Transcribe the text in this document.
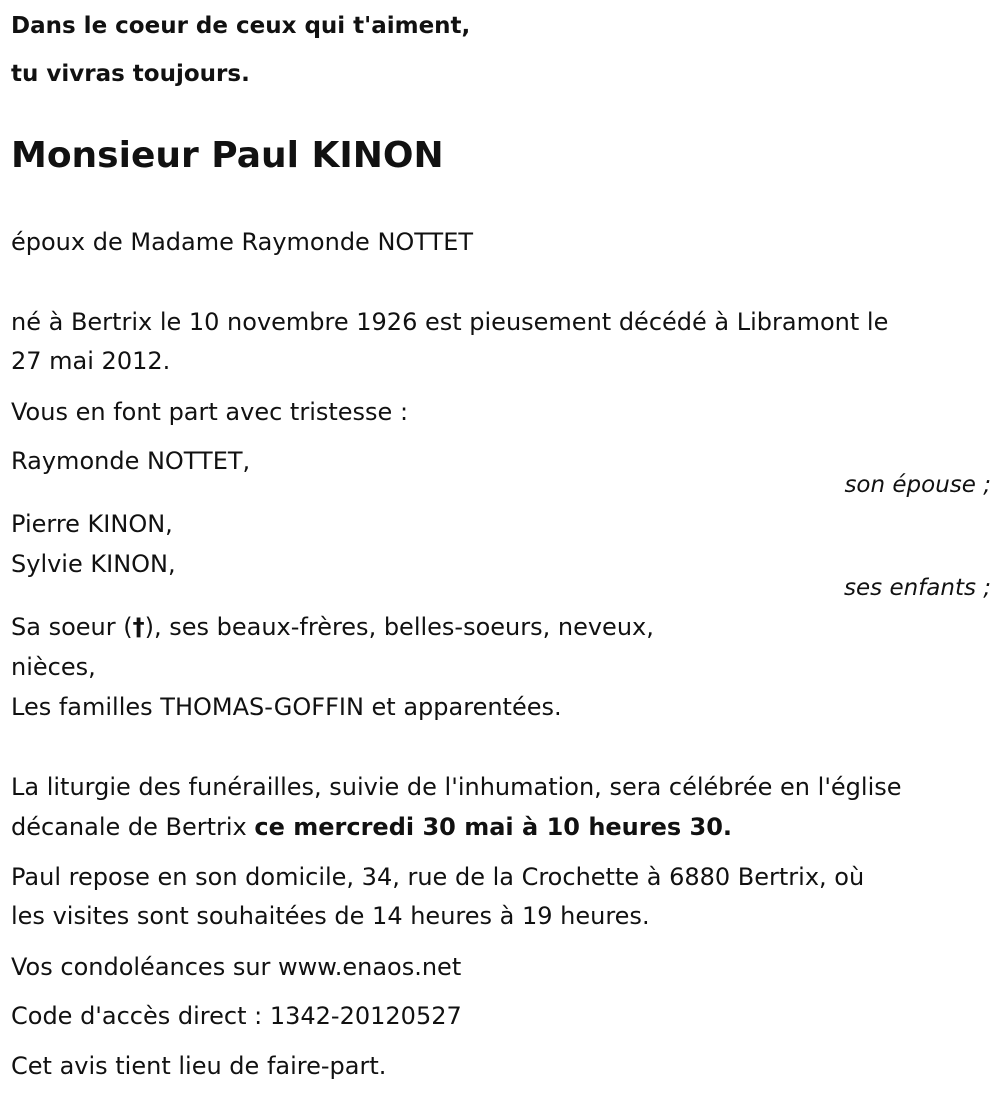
Dans le coeur de ceux qui t'aiment,
tu vivras toujours.
Monsieur Paul KINON
époux de Madame Raymonde NOTTET
né à Bertrix le 10 novembre 1926 est pieusement décédé à Libramont le
27 mai 2012.
Vous en font part avec tristesse :
Raymonde NOTTET,
son épouse ;
Pierre KINON,
Sylvie KINON,
ses enfants ;
Sa soeur (†), ses beaux-frères, belles-soeurs, neveux,
nièces,
Les familles THOMAS-GOFFIN et apparentées.
La liturgie des funérailles, suivie de l'inhumation, sera célébrée en l'église
décanale de Bertrix ce mercredi 30 mai à 10 heures 30.
Paul repose en son domicile, 34, rue de la Crochette à 6880 Bertrix, où
les visites sont souhaitées de 14 heures à 19 heures.
Vos condoléances sur www.enaos.net
Code d'accès direct : 1342-20120527
Cet avis tient lieu de faire-part.
